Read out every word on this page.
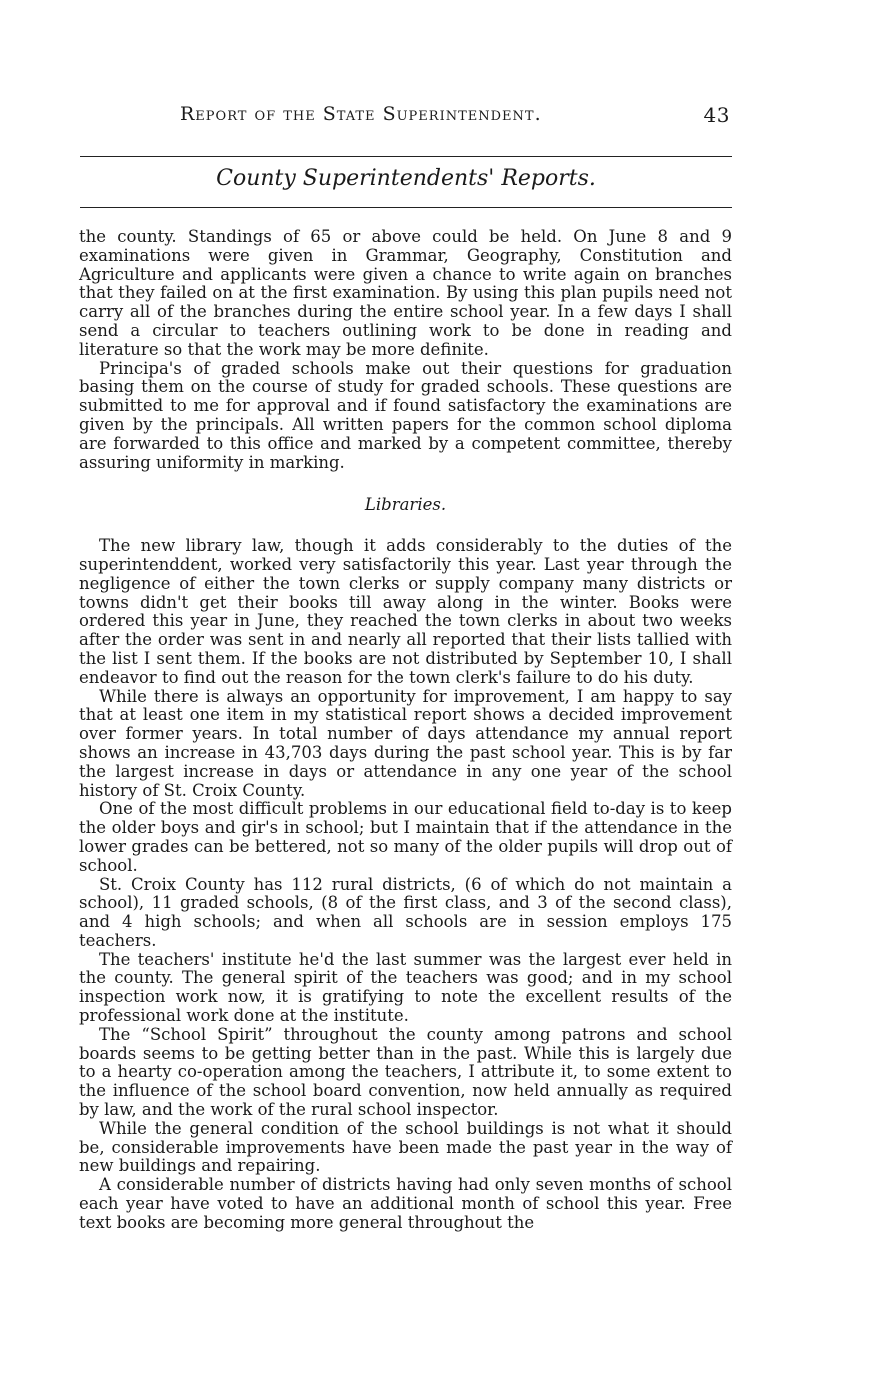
Report of the State Superintendent.	43
County Superintendents' Reports.

the county. Standings of 65 or above could be held. On June 8 and 9 examinations were given in Grammar, Geography, Constitution and Agriculture and applicants were given a chance to write again on branches that they failed on at the first examination. By using this plan pupils need not carry all of the branches during the entire school year. In a few days I shall send a circular to teachers outlining work to be done in reading and literature so that the work may be more definite.

Principa's of graded schools make out their questions for graduation basing them on the course of study for graded schools. These questions are submitted to me for approval and if found satisfactory the examinations are given by the principals. All written papers for the common school diploma are forwarded to this office and marked by a competent committee, thereby assuring uniformity in marking.

Libraries.

The new library law, though it adds considerably to the duties of the superintenddent, worked very satisfactorily this year. Last year through the negligence of either the town clerks or supply company many districts or towns didn't get their books till away along in the winter. Books were ordered this year in June, they reached the town clerks in about two weeks after the order was sent in and nearly all reported that their lists tallied with the list I sent them. If the books are not distributed by September 10, I shall endeavor to find out the reason for the town clerk's failure to do his duty.

While there is always an opportunity for improvement, I am happy to say that at least one item in my statistical report shows a decided improvement over former years. In total number of days attendance my annual report shows an increase in 43,703 days during the past school year. This is by far the largest increase in days or attendance in any one year of the school history of St. Croix County.

One of the most difficult problems in our educational field to-day is to keep the older boys and gir's in school; but I maintain that if the attendance in the lower grades can be bettered, not so many of the older pupils will drop out of school.

St. Croix County has 112 rural districts, (6 of which do not maintain a school), 11 graded schools, (8 of the first class, and 3 of the second class), and 4 high schools; and when all schools are in session employs 175 teachers.

The teachers' institute he'd the last summer was the largest ever held in the county. The general spirit of the teachers was good; and in my school inspection work now, it is gratifying to note the excellent results of the professional work done at the institute.

The “School Spirit” throughout the county among patrons and school boards seems to be getting better than in the past. While this is largely due to a hearty co-operation among the teachers, I attribute it, to some extent to the influence of the school board convention, now held annually as required by law, and the work of the rural school inspector.

While the general condition of the school buildings is not what it should be, considerable improvements have been made the past year in the way of new buildings and repairing.

A considerable number of districts having had only seven months of school each year have voted to have an additional month of school this year. Free text books are becoming more general throughout the
